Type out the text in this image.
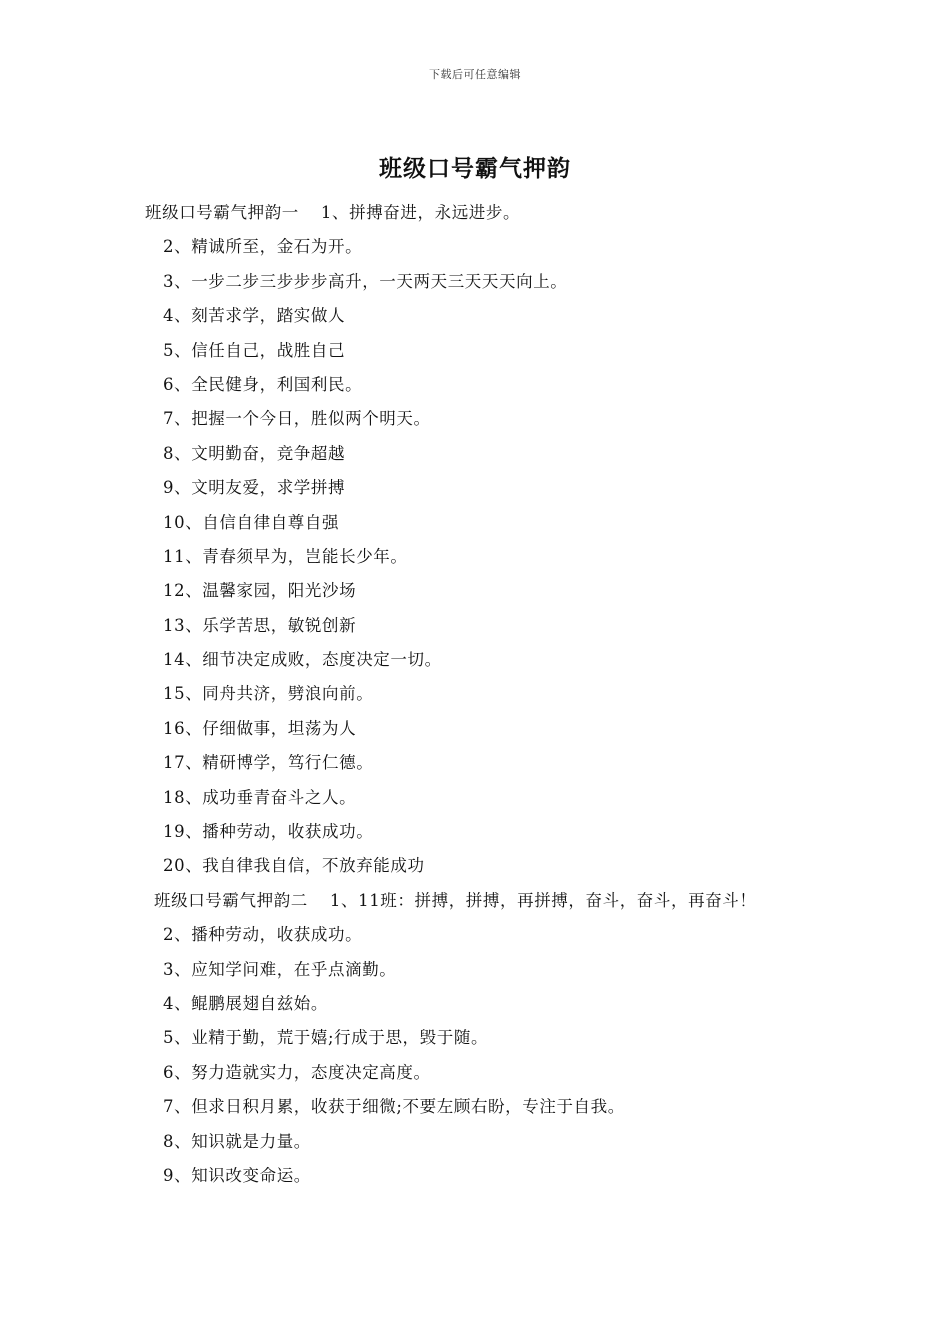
下载后可任意编辑
班级口号霸气押韵
班级口号霸气押韵一 1、拼搏奋进，永远进步。
2、精诚所至，金石为开。
3、一步二步三步步步高升，一天两天三天天天向上。
4、刻苦求学，踏实做人
5、信任自己，战胜自己
6、全民健身，利国利民。
7、把握一个今日，胜似两个明天。
8、文明勤奋，竞争超越
9、文明友爱，求学拼搏
10、自信自律自尊自强
11、青春须早为，岂能长少年。
12、温馨家园，阳光沙场
13、乐学苦思，敏锐创新
14、细节决定成败，态度决定一切。
15、同舟共济，劈浪向前。
16、仔细做事，坦荡为人
17、精研博学，笃行仁德。
18、成功垂青奋斗之人。
19、播种劳动，收获成功。
20、我自律我自信，不放弃能成功
班级口号霸气押韵二 1、11班：拼搏，拼搏，再拼搏，奋斗，奋斗，再奋斗！
2、播种劳动，收获成功。
3、应知学问难，在乎点滴勤。
4、鲲鹏展翅自兹始。
5、业精于勤，荒于嬉;行成于思，毁于随。
6、努力造就实力，态度决定高度。
7、但求日积月累，收获于细微;不要左顾右盼，专注于自我。
8、知识就是力量。
9、知识改变命运。
